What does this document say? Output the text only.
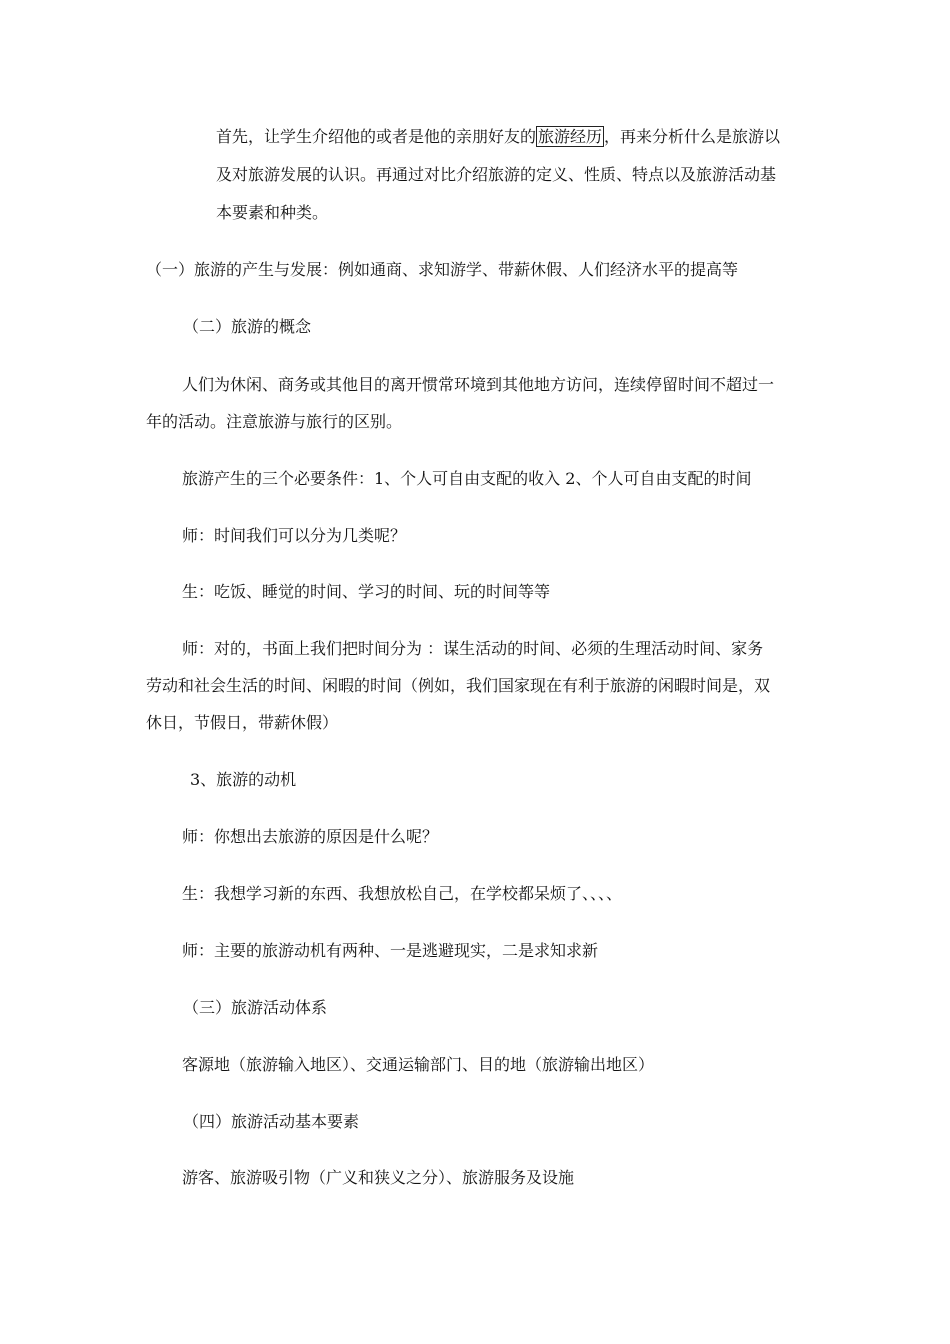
首先，让学生介绍他的或者是他的亲朋好友的 旅游经历 ，再来分析什么是旅游以
及对旅游发展的认识。再通过对比介绍旅游的定义、性质、特点以及旅游活动基
本要素和种类。
（一）旅游的产生与发展：例如通商、求知游学、带薪休假、人们经济水平的提高等
（二）旅游的概念
人们为休闲、商务或其他目的离开惯常环境到其他地方访问，连续停留时间不超过一
年的活动。注意旅游与旅行的区别。
旅游产生的三个必要条件：1、个人可自由支配的收入 2、个人可自由支配的时间
师：时间我们可以分为几类呢？
生：吃饭、睡觉的时间、学习的时间、玩的时间等等
师：对的，书面上我们把时间分为 ：谋生活动的时间、必须的生理活动时间、家务
劳动和社会生活的时间、闲暇的时间（例如，我们国家现在有利于旅游的闲暇时间是，双
休日，节假日，带薪休假）
3、旅游的动机
师：你想出去旅游的原因是什么呢？
生：我想学习新的东西、我想放松自己，在学校都呆烦了、、、、
师：主要的旅游动机有两种、一是逃避现实，二是求知求新
（三）旅游活动体系
客源地（旅游输入地区）、交通运输部门、目的地（旅游输出地区）
（四）旅游活动基本要素
游客、旅游吸引物（广义和狭义之分）、旅游服务及设施
